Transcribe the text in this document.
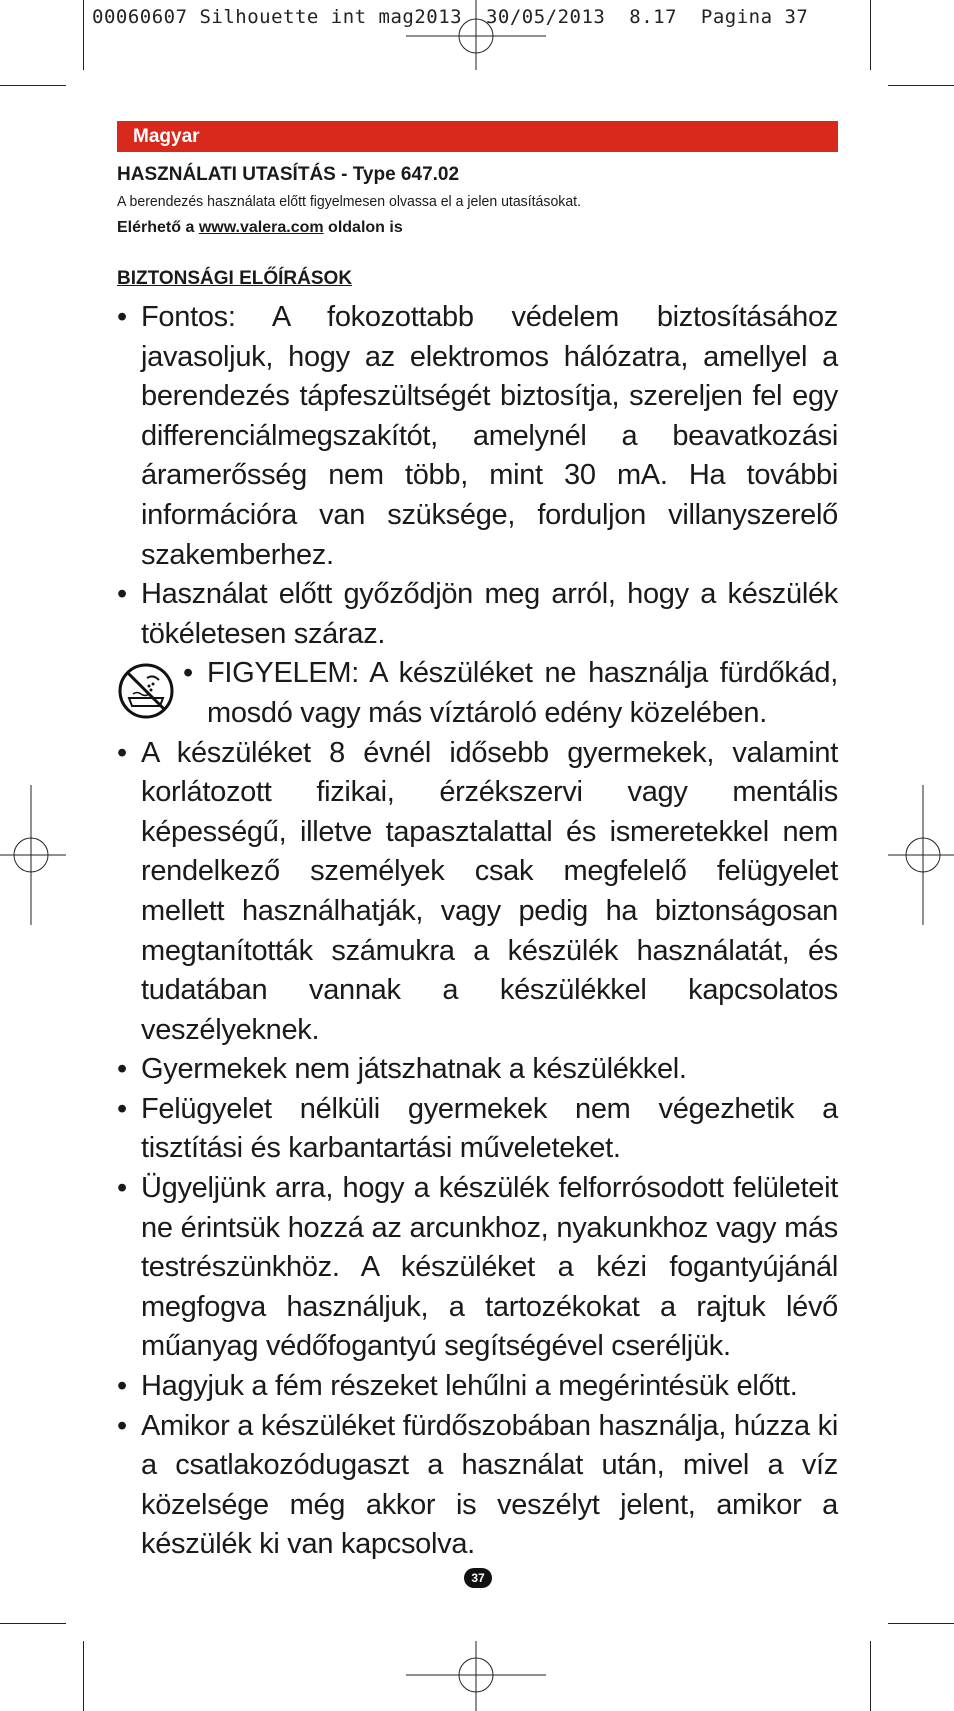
00060607 Silhouette int mag2013  30/05/2013  8.17  Pagina 37
Magyar
HASZNÁLATI UTASÍTÁS - Type 647.02
A berendezés használata előtt figyelmesen olvassa el a jelen utasításokat.
Elérhető a www.valera.com oldalon is
BIZTONSÁGI ELŐÍRÁSOK
• Fontos: A fokozottabb védelem biztosításához javasoljuk, hogy az elektromos hálózatra, amellyel a berendezés tápfeszültségét biztosítja, szereljen fel egy differenciálmegszakítót, amelynél a beavatkozási áramerősség nem több, mint 30 mA. Ha további információra van szüksége, forduljon villanyszerelő szakemberhez.
• Használat előtt győződjön meg arról, hogy a készülék tökéletesen száraz.
• FIGYELEM: A készüléket ne használja fürdőkád, mosdó vagy más víztároló edény közelében.
• A készüléket 8 évnél idősebb gyermekek, valamint korlátozott fizikai, érzékszervi vagy mentális képességű, illetve tapasztalattal és ismeretekkel nem rendelkező személyek csak megfelelő felügyelet mellett használhatják, vagy pedig ha biztonságosan megtanították számukra a készülék használatát, és tudatában vannak a készülékkel kapcsolatos veszélyeknek.
• Gyermekek nem játszhatnak a készülékkel.
• Felügyelet nélküli gyermekek nem végezhetik a tisztítási és karbantartási műveleteket.
• Ügyeljünk arra, hogy a készülék felforrósodott felületeit ne érintsük hozzá az arcunkhoz, nyakunkhoz vagy más testrészünkhöz. A készüléket a kézi fogantyújánál megfogva használjuk, a tartozékokat a rajtuk lévő műanyag védőfogantyú segítségével cseréljük.
• Hagyjuk a fém részeket lehűlni a megérintésük előtt.
• Amikor a készüléket fürdőszobában használja, húzza ki a csatlakozódugaszt a használat után, mivel a víz közelsége még akkor is veszélyt jelent, amikor a készülék ki van kapcsolva.
37
